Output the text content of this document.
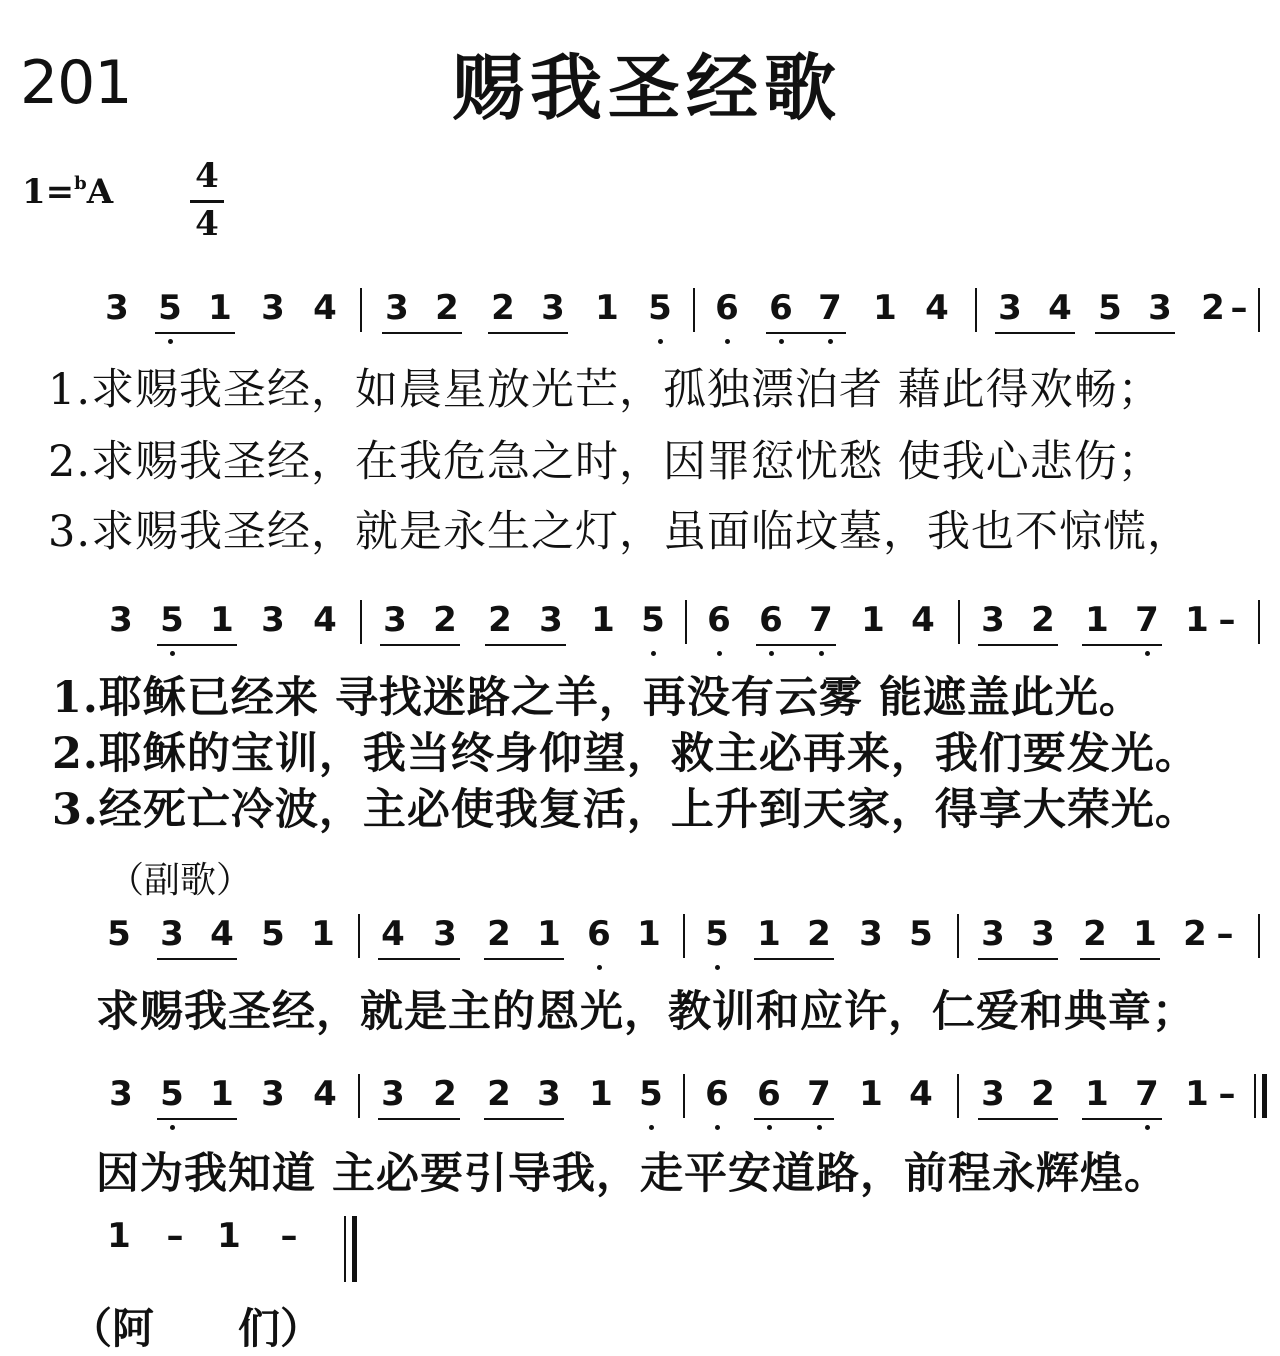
201	赐我圣经歌
1=$^b$A 4
4
3 5 1 3 4 3 2 2 3 1 5 6 6 7 1 4 3 4 5 3 2 –
1.求赐我圣经，如晨星放光芒，孤独漂泊者 藉此得欢畅；
2.求赐我圣经，在我危急之时，因罪愆忧愁 使我心悲伤；
3.求赐我圣经，就是永生之灯，虽面临坟墓，我也不惊慌，
3 5 1 3 4 3 2 2 3 1 5 6 6 7 1 4 3 2 1 7 1 –
1.耶稣已经来 寻找迷路之羊，再没有云雾 能遮盖此光。
2.耶稣的宝训，我当终身仰望，救主必再来，我们要发光。
3.经死亡冷波，主必使我复活，上升到天家，得享大荣光。
（副歌）
5 3 4 5 1 4 3 2 1 6 1 5 1 2 3 5 3 3 2 1 2 –
求赐我圣经，就是主的恩光，教训和应许，仁爱和典章；
3 5 1 3 4 3 2 2 3 1 5 6 6 7 1 4 3 2 1 7 1 –
因为我知道 主必要引导我，走平安道路，前程永辉煌。
1 – 1 –
（阿　　们）
